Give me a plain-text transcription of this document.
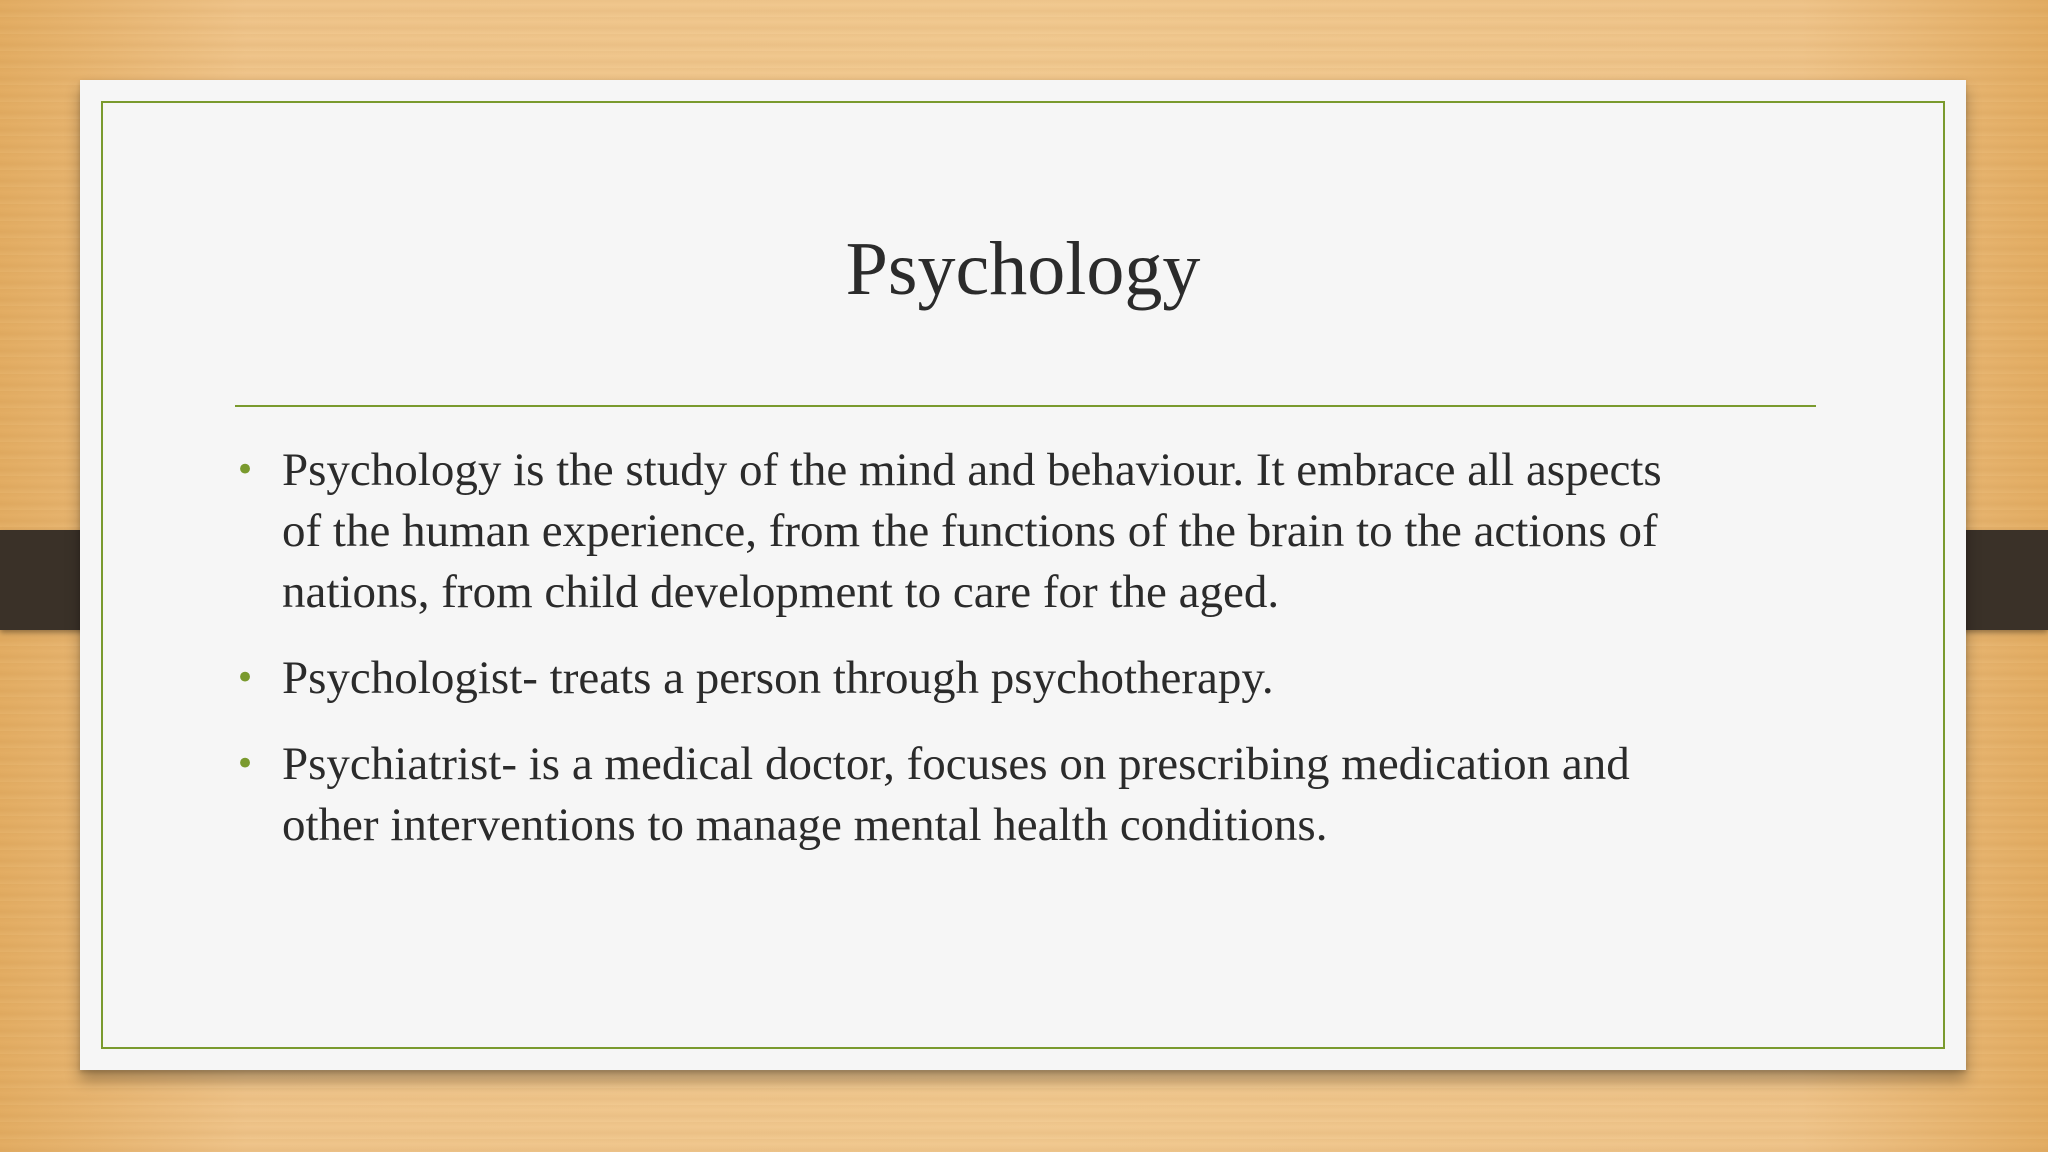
Psychology
• Psychology is the study of the mind and behaviour. It embrace all aspects
of the human experience, from the functions of the brain to the actions of
nations, from child development to care for the aged.
• Psychologist- treats a person through psychotherapy.
• Psychiatrist- is a medical doctor, focuses on prescribing medication and
other interventions to manage mental health conditions.
